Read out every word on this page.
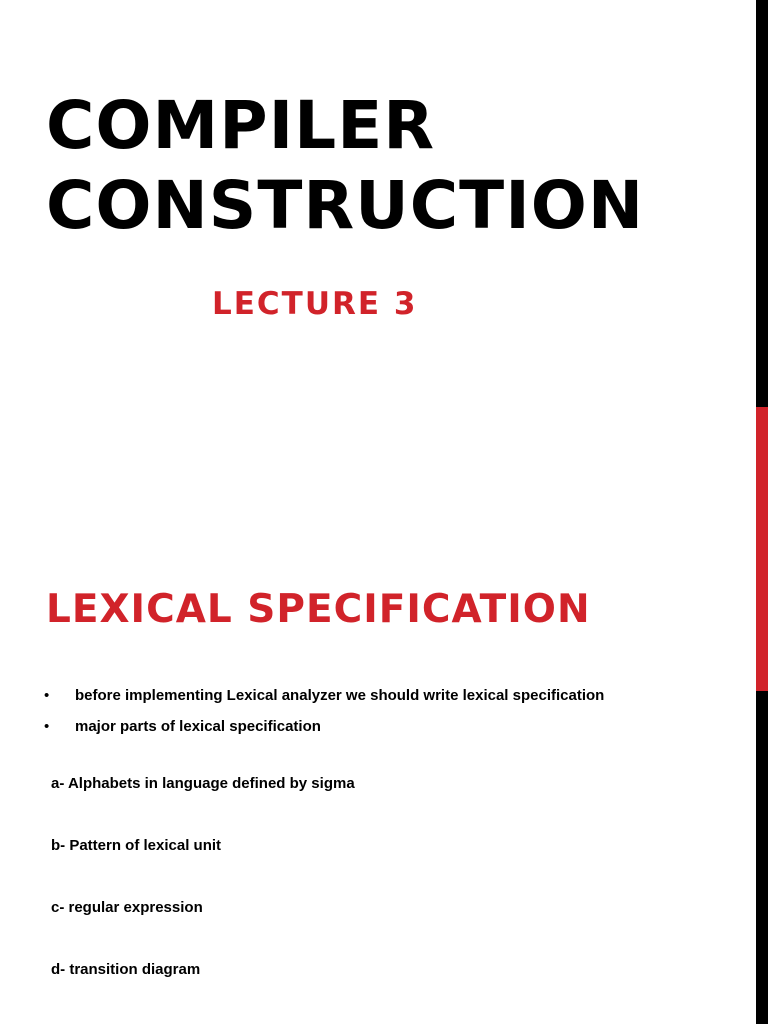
COMPILER
CONSTRUCTION
LECTURE 3
LEXICAL SPECIFICATION
• before implementing Lexical analyzer we should write lexical specification
• major parts of lexical specification
a- Alphabets in language defined by sigma
b- Pattern of lexical unit
c- regular expression
d- transition diagram
